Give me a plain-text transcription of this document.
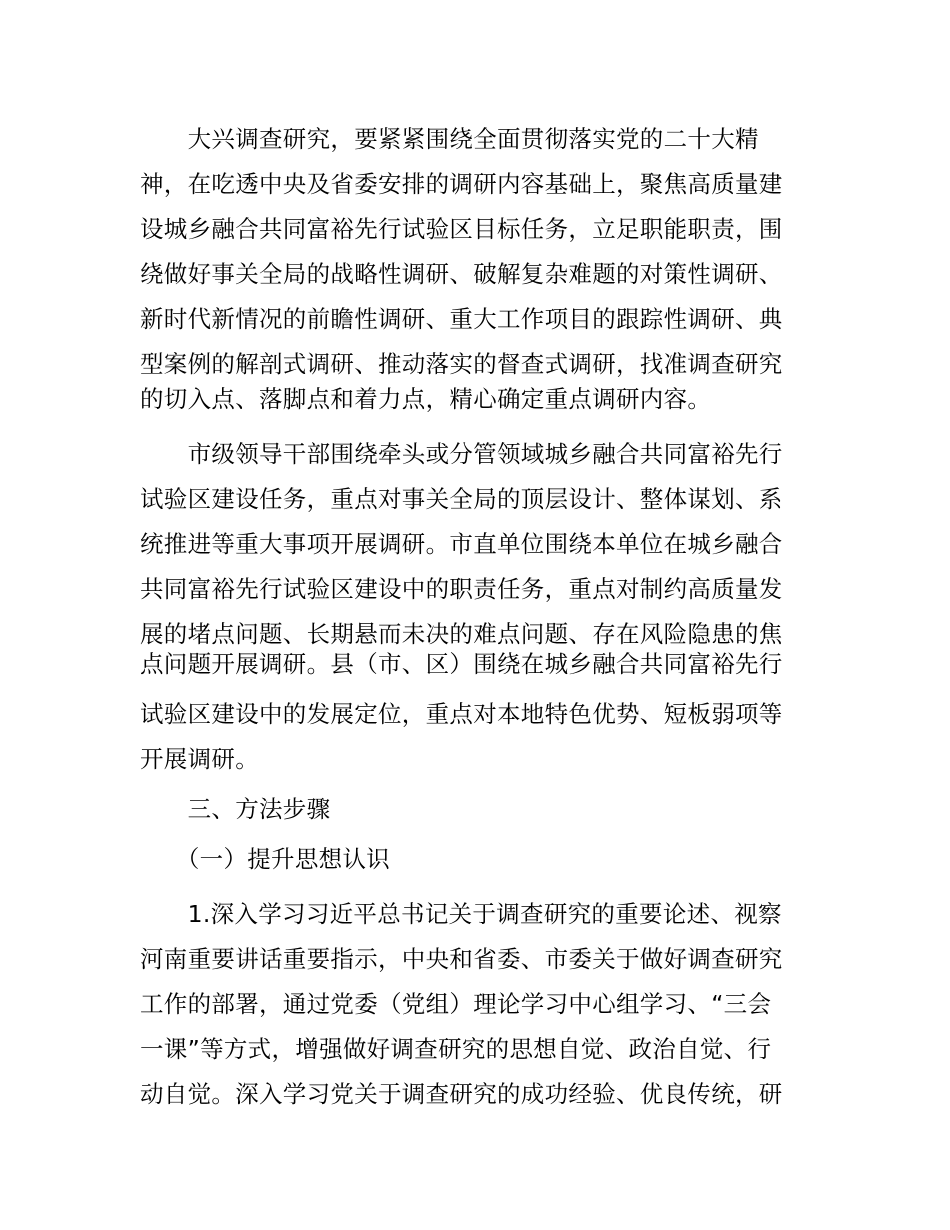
　　大兴调查研究，要紧紧围绕全面贯彻落实党的二十大精
神，在吃透中央及省委安排的调研内容基础上，聚焦高质量建
设城乡融合共同富裕先行试验区目标任务，立足职能职责，围
绕做好事关全局的战略性调研、破解复杂难题的对策性调研、
新时代新情况的前瞻性调研、重大工作项目的跟踪性调研、典
型案例的解剖式调研、推动落实的督查式调研，找准调查研究
的切入点、落脚点和着力点，精心确定重点调研内容。
　　市级领导干部围绕牵头或分管领域城乡融合共同富裕先行
试验区建设任务，重点对事关全局的顶层设计、整体谋划、系
统推进等重大事项开展调研。市直单位围绕本单位在城乡融合
共同富裕先行试验区建设中的职责任务，重点对制约高质量发
展的堵点问题、长期悬而未决的难点问题、存在风险隐患的焦
点问题开展调研。县（市、区）围绕在城乡融合共同富裕先行
试验区建设中的发展定位，重点对本地特色优势、短板弱项等
开展调研。
　　三、方法步骤
　　（一）提升思想认识
　　1.深入学习习近平总书记关于调查研究的重要论述、视察
河南重要讲话重要指示，中央和省委、市委关于做好调查研究
工作的部署，通过党委（党组）理论学习中心组学习、“三会
一课”等方式，增强做好调查研究的思想自觉、政治自觉、行
动自觉。深入学习党关于调查研究的成功经验、优良传统，研
